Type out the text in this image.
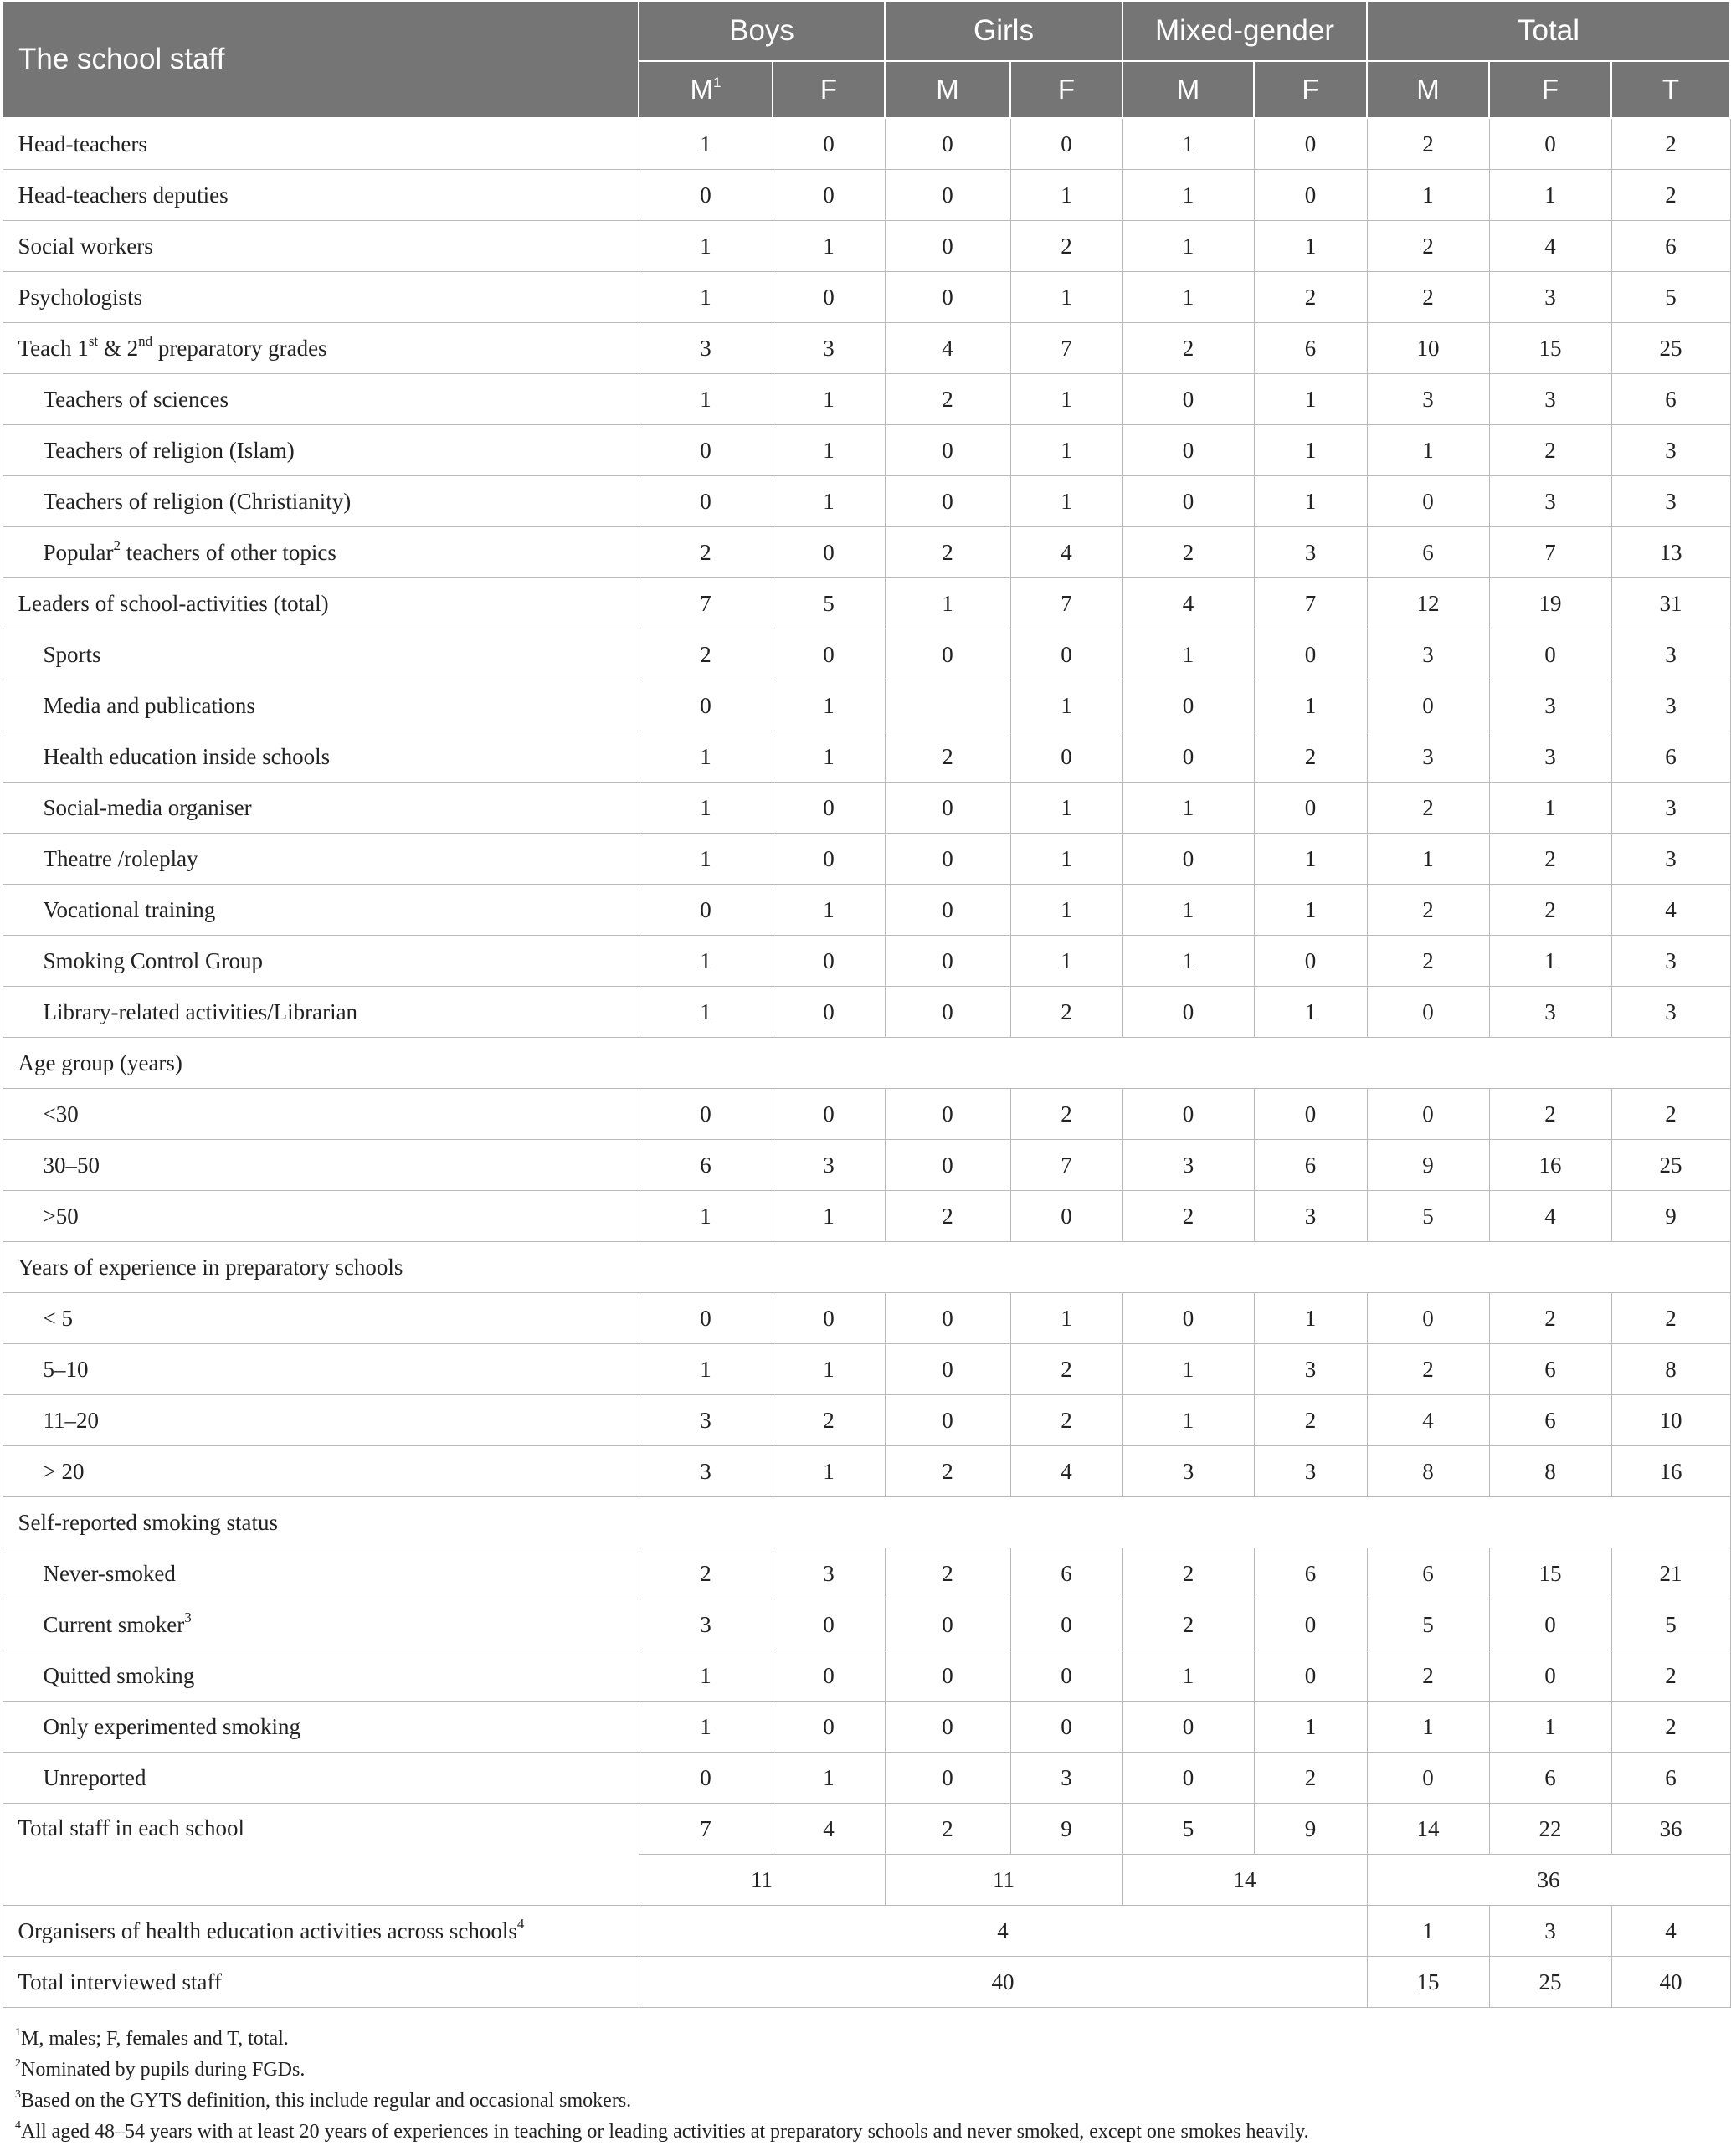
The school staff	Boys		Girls		Mixed-gender		Total		
	$M^1$	F	M	F	M	F	M	F	T
Head-teachers	1	0	0	0	1	0	2	0	2
Head-teachers deputies	0	0	0	1	1	0	1	1	2
Social workers	1	1	0	2	1	1	2	4	6
Psychologists	1	0	0	1	1	2	2	3	5
Teach 1st & 2nd preparatory grades	3	3	4	7	2	6	10	15	25
Teachers of sciences	1	1	2	1	0	1	3	3	6
Teachers of religion (Islam)	0	1	0	1	0	1	1	2	3
Teachers of religion (Christianity)	0	1	0	1	0	1	0	3	3
Popular$^2$ teachers of other topics	2	0	2	4	2	3	6	7	13
Leaders of school-activities (total)	7	5	1	7	4	7	12	19	31
Sports	2	0	0	0	1	0	3	0	3
Media and publications	0	1		1	0	1	0	3	3
Health education inside schools	1	1	2	0	0	2	3	3	6
Social-media organiser	1	0	0	1	1	0	2	1	3
Theatre /roleplay	1	0	0	1	0	1	1	2	3
Vocational training	0	1	0	1	1	1	2	2	4
Smoking Control Group	1	0	0	1	1	0	2	1	3
Library-related activities/Librarian	1	0	0	2	0	1	0	3	3
Age group (years)									
<30	0	0	0	2	0	0	0	2	2
30–50	6	3	0	7	3	6	9	16	25
>50	1	1	2	0	2	3	5	4	9
Years of experience in preparatory schools									
< 5	0	0	0	1	0	1	0	2	2
5–10	1	1	0	2	1	3	2	6	8
11–20	3	2	0	2	1	2	4	6	10
> 20	3	1	2	4	3	3	8	8	16
Self-reported smoking status									
Never-smoked	2	3	2	6	2	6	6	15	21
Current smoker$^3$	3	0	0	0	2	0	5	0	5
Quitted smoking	1	0	0	0	1	0	2	0	2
Only experimented smoking	1	0	0	0	0	1	1	1	2
Unreported	0	1	0	3	0	2	0	6	6
Total staff in each school	7	4	2	9	5	9	14	22	36
	11		11		14		36		
Organisers of health education activities across schools$^4$	4						1	3	4
Total interviewed staff	40						15	25	40
$^1$M, males; F, females and T, total.
$^2$Nominated by pupils during FGDs.
$^3$Based on the GYTS definition, this include regular and occasional smokers.
$^4$All aged 48–54 years with at least 20 years of experiences in teaching or leading activities at preparatory schools and never smoked, except one smokes heavily.
